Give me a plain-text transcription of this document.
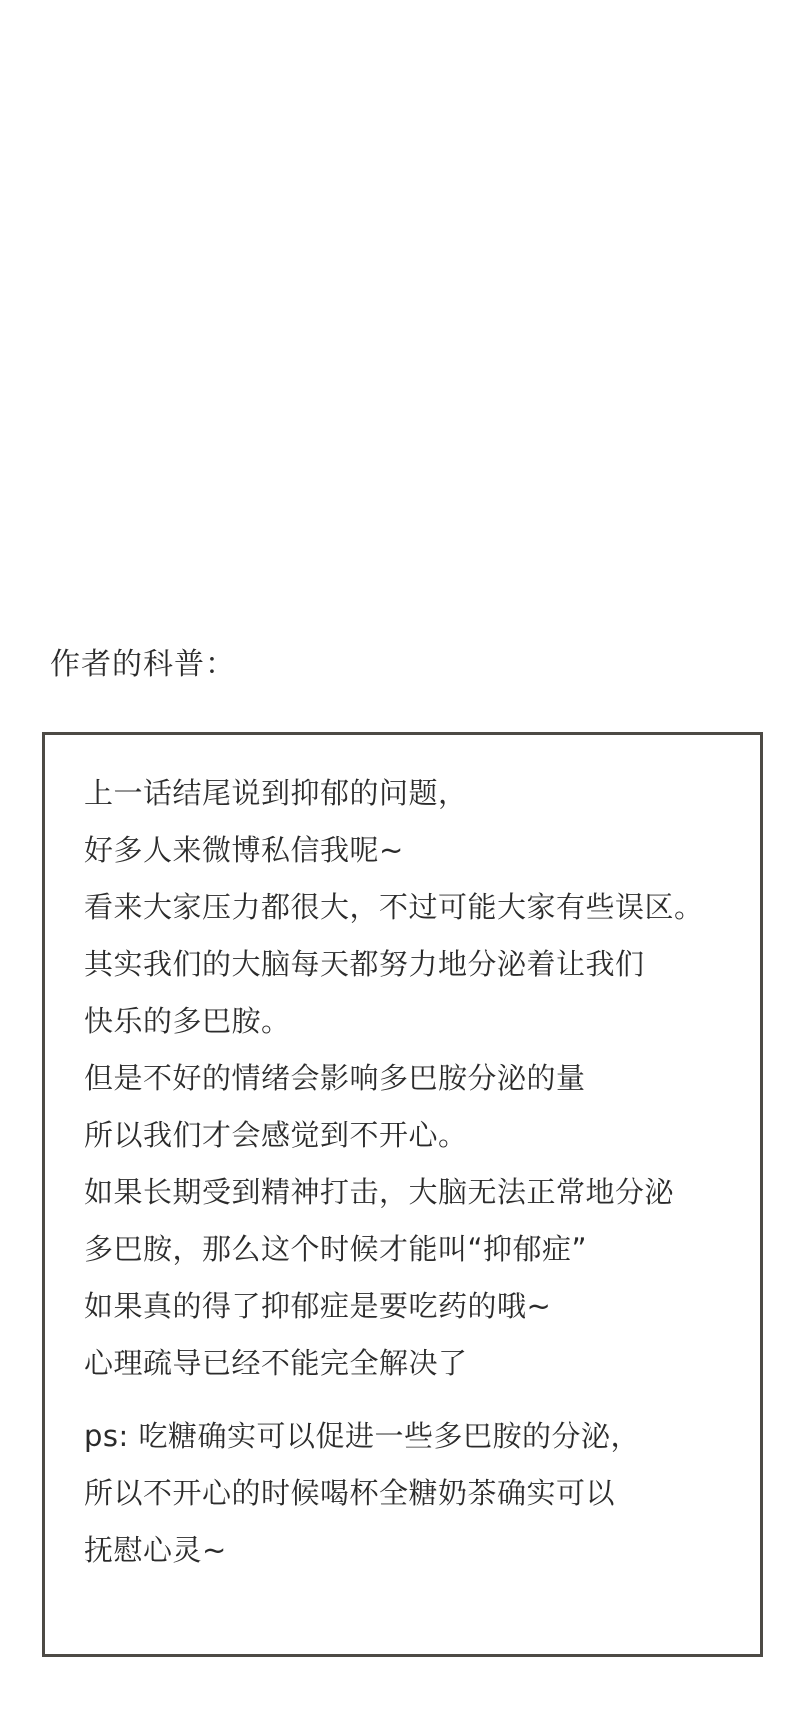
作者的科普：
上一话结尾说到抑郁的问题，
好多人来微博私信我呢~
看来大家压力都很大，不过可能大家有些误区。
其实我们的大脑每天都努力地分泌着让我们
快乐的多巴胺。
但是不好的情绪会影响多巴胺分泌的量
所以我们才会感觉到不开心。
如果长期受到精神打击，大脑无法正常地分泌
多巴胺，那么这个时候才能叫“抑郁症”
如果真的得了抑郁症是要吃药的哦~
心理疏导已经不能完全解决了
ps: 吃糖确实可以促进一些多巴胺的分泌，
所以不开心的时候喝杯全糖奶茶确实可以
抚慰心灵~
